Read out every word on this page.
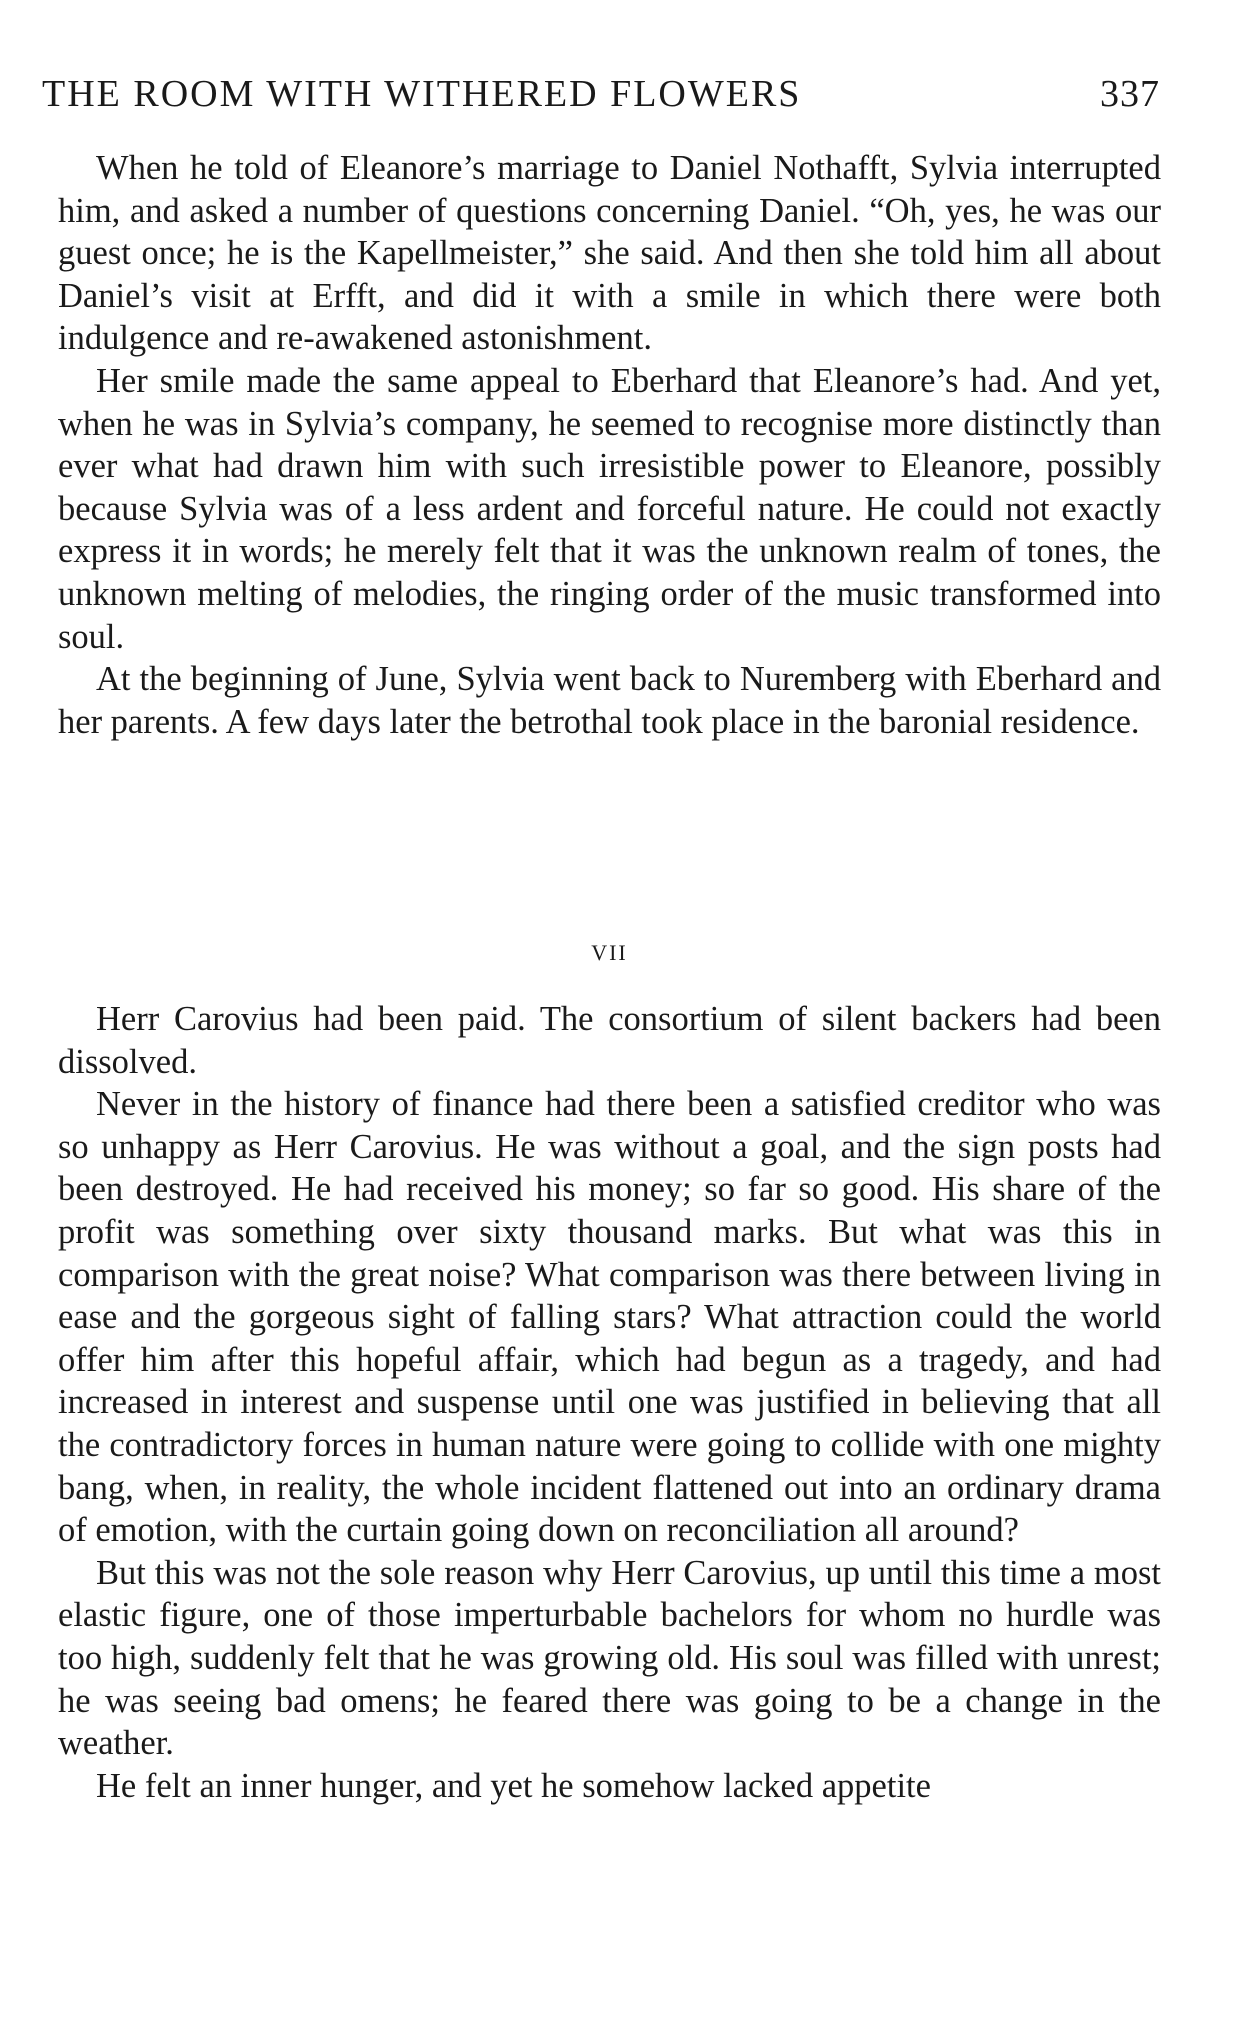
THE ROOM WITH WITHERED FLOWERS	337

When he told of Eleanore’s marriage to Daniel Nothafft, Sylvia interrupted him, and asked a number of questions concerning Daniel. “Oh, yes, he was our guest once; he is the Kapellmeister,” she said. And then she told him all about Daniel’s visit at Erfft, and did it with a smile in which there were both indulgence and re-awakened astonishment.

Her smile made the same appeal to Eberhard that Eleanore’s had. And yet, when he was in Sylvia’s company, he seemed to recognise more distinctly than ever what had drawn him with such irresistible power to Eleanore, possibly because Sylvia was of a less ardent and forceful nature. He could not exactly express it in words; he merely felt that it was the unknown realm of tones, the unknown melting of melodies, the ringing order of the music transformed into soul.

At the beginning of June, Sylvia went back to Nuremberg with Eberhard and her parents. A few days later the betrothal took place in the baronial residence.

VII

Herr Carovius had been paid. The consortium of silent backers had been dissolved.

Never in the history of finance had there been a satisfied creditor who was so unhappy as Herr Carovius. He was without a goal, and the sign posts had been destroyed. He had received his money; so far so good. His share of the profit was something over sixty thousand marks. But what was this in comparison with the great noise? What comparison was there between living in ease and the gorgeous sight of falling stars? What attraction could the world offer him after this hopeful affair, which had begun as a tragedy, and had increased in interest and suspense until one was justified in believing that all the contradictory forces in human nature were going to collide with one mighty bang, when, in reality, the whole incident flattened out into an ordinary drama of emotion, with the curtain going down on reconciliation all around?

But this was not the sole reason why Herr Carovius, up until this time a most elastic figure, one of those imperturbable bachelors for whom no hurdle was too high, suddenly felt that he was growing old. His soul was filled with unrest; he was seeing bad omens; he feared there was going to be a change in the weather.

He felt an inner hunger, and yet he somehow lacked appetite
